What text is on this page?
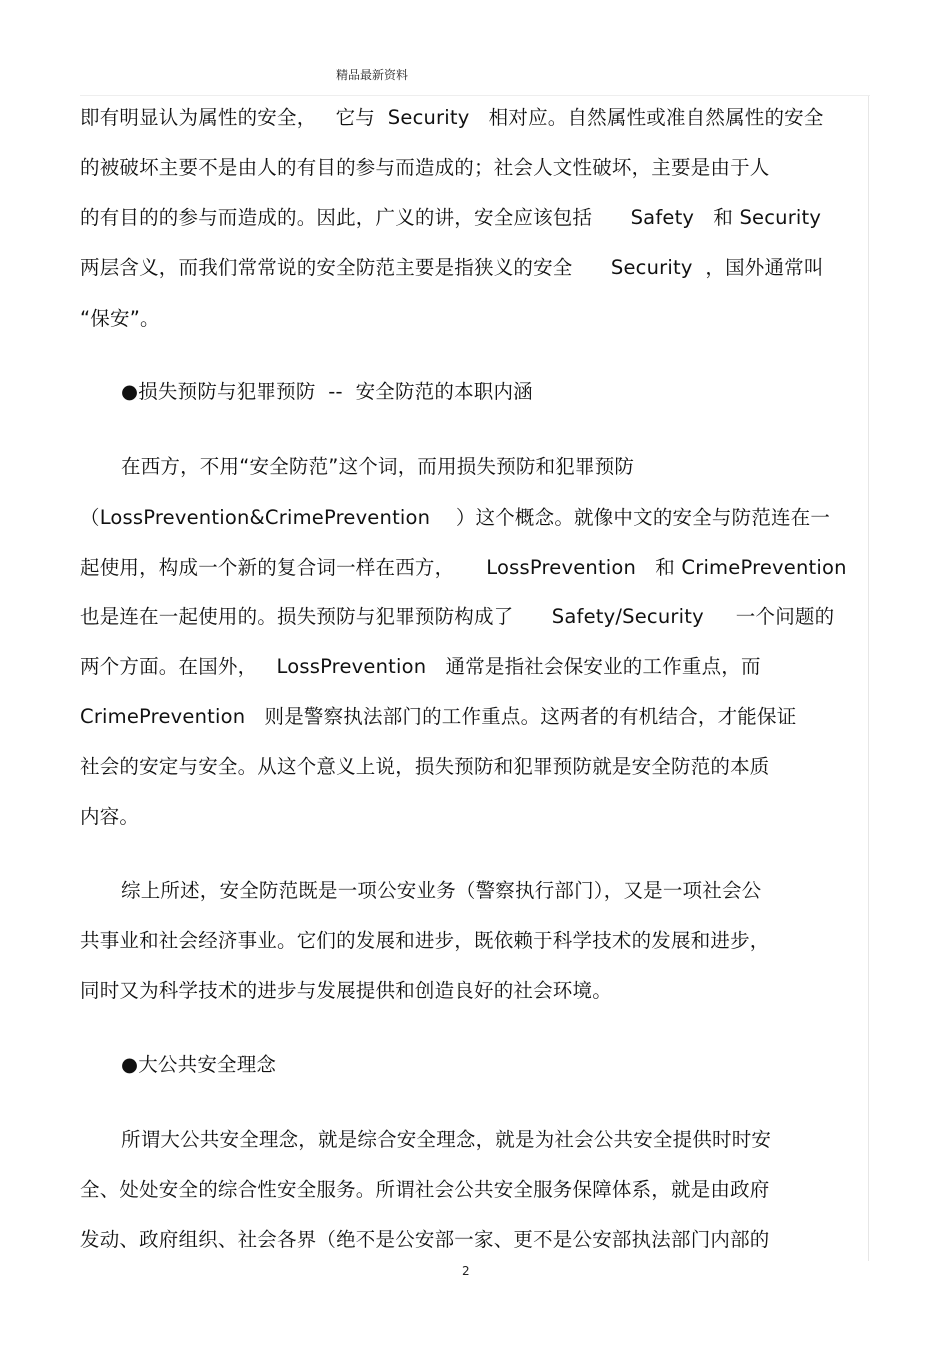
精品最新资料
即有明显认为属性的安全，   它与  Security   相对应。自然属性或准自然属性的安全
的被破坏主要不是由人的有目的参与而造成的；社会人文性破坏，主要是由于人
的有目的的参与而造成的。因此，广义的讲，安全应该包括      Safety   和 Security
两层含义，而我们常常说的安全防范主要是指狭义的安全      Security  ，国外通常叫
“保安”。
●损失预防与犯罪预防  --  安全防范的本职内涵
在西方，不用“安全防范”这个词，而用损失预防和犯罪预防
（LossPrevention&CrimePrevention    ）这个概念。就像中文的安全与防范连在一
起使用，构成一个新的复合词一样在西方，     LossPrevention   和 CrimePrevention
也是连在一起使用的。损失预防与犯罪预防构成了      Safety/Security     一个问题的
两个方面。在国外，   LossPrevention   通常是指社会保安业的工作重点，而
CrimePrevention   则是警察执法部门的工作重点。这两者的有机结合，才能保证
社会的安定与安全。从这个意义上说，损失预防和犯罪预防就是安全防范的本质
内容。
综上所述，安全防范既是一项公安业务（警察执行部门），又是一项社会公
共事业和社会经济事业。它们的发展和进步，既依赖于科学技术的发展和进步，
同时又为科学技术的进步与发展提供和创造良好的社会环境。
●大公共安全理念
所谓大公共安全理念，就是综合安全理念，就是为社会公共安全提供时时安
全、处处安全的综合性安全服务。所谓社会公共安全服务保障体系，就是由政府
发动、政府组织、社会各界（绝不是公安部一家、更不是公安部执法部门内部的
2
